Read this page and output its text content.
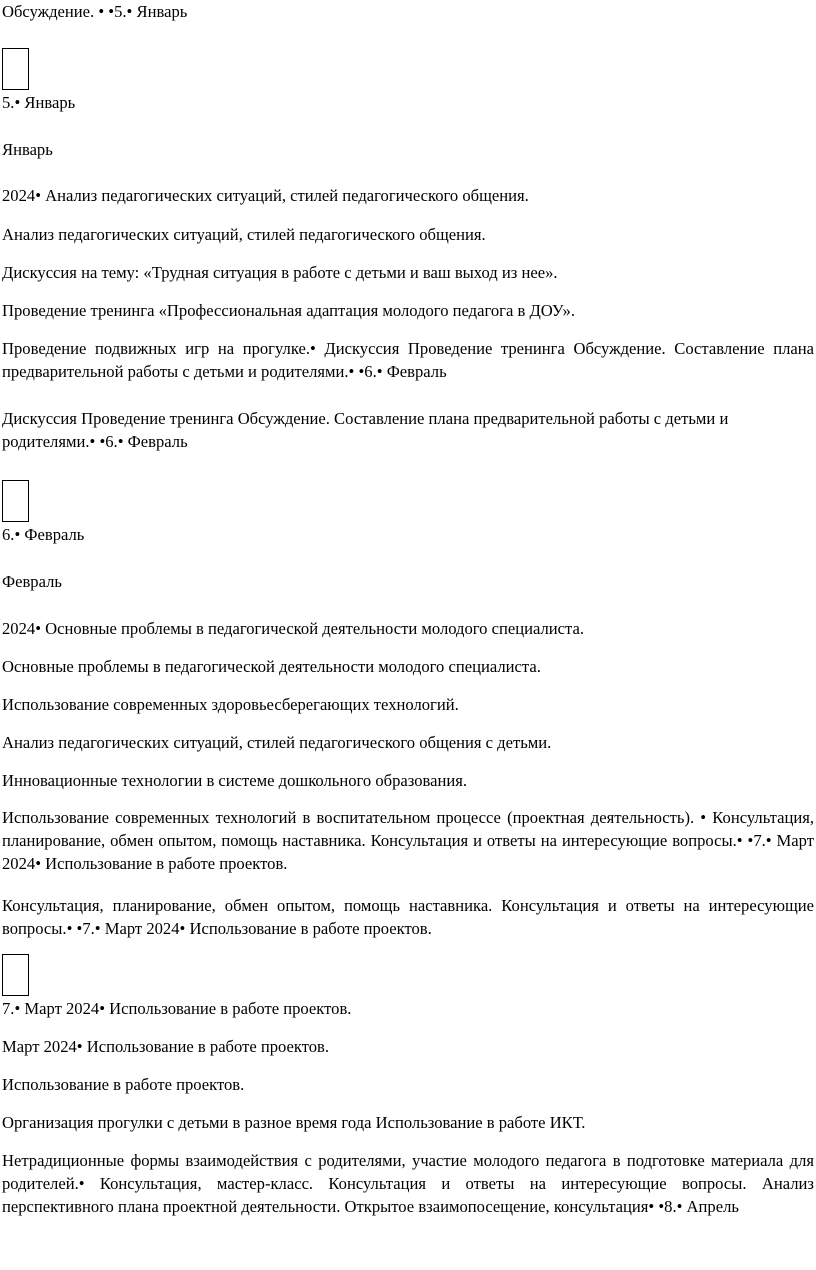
Обсуждение. • •5.• Январь

5.• Январь

Январь

2024• Анализ педагогических ситуаций, стилей педагогического общения.

Анализ педагогических ситуаций, стилей педагогического общения.

Дискуссия на тему: «Трудная ситуация в работе с детьми и ваш выход из нее».

Проведение тренинга «Профессиональная адаптация молодого педагога в ДОУ».

Проведение подвижных игр на прогулке.• Дискуссия Проведение тренинга Обсуждение. Составление плана предварительной работы с детьми и родителями.• •6.• Февраль

Дискуссия Проведение тренинга Обсуждение. Составление плана предварительной работы с детьми и родителями.• •6.• Февраль

6.• Февраль

Февраль

2024• Основные проблемы в педагогической деятельности молодого специалиста.

Основные проблемы в педагогической деятельности молодого специалиста.

Использование современных здоровьесберегающих технологий.

Анализ педагогических ситуаций, стилей педагогического общения с детьми.

Инновационные технологии в системе дошкольного образования.

Использование современных технологий в воспитательном процессе (проектная деятельность). • Консультация, планирование, обмен опытом, помощь наставника. Консультация и ответы на интересующие вопросы.• •7.• Март 2024• Использование в работе проектов.

Консультация, планирование, обмен опытом, помощь наставника. Консультация и ответы на интересующие вопросы.• •7.• Март 2024• Использование в работе проектов.

7.• Март 2024• Использование в работе проектов.

Март 2024• Использование в работе проектов.

Использование в работе проектов.

Организация прогулки с детьми в разное время года Использование в работе ИКТ.

Нетрадиционные формы взаимодействия с родителями, участие молодого педагога в подготовке материала для родителей.• Консультация, мастер-класс. Консультация и ответы на интересующие вопросы. Анализ перспективного плана проектной деятельности. Открытое взаимопосещение, консультация• •8.• Апрель
